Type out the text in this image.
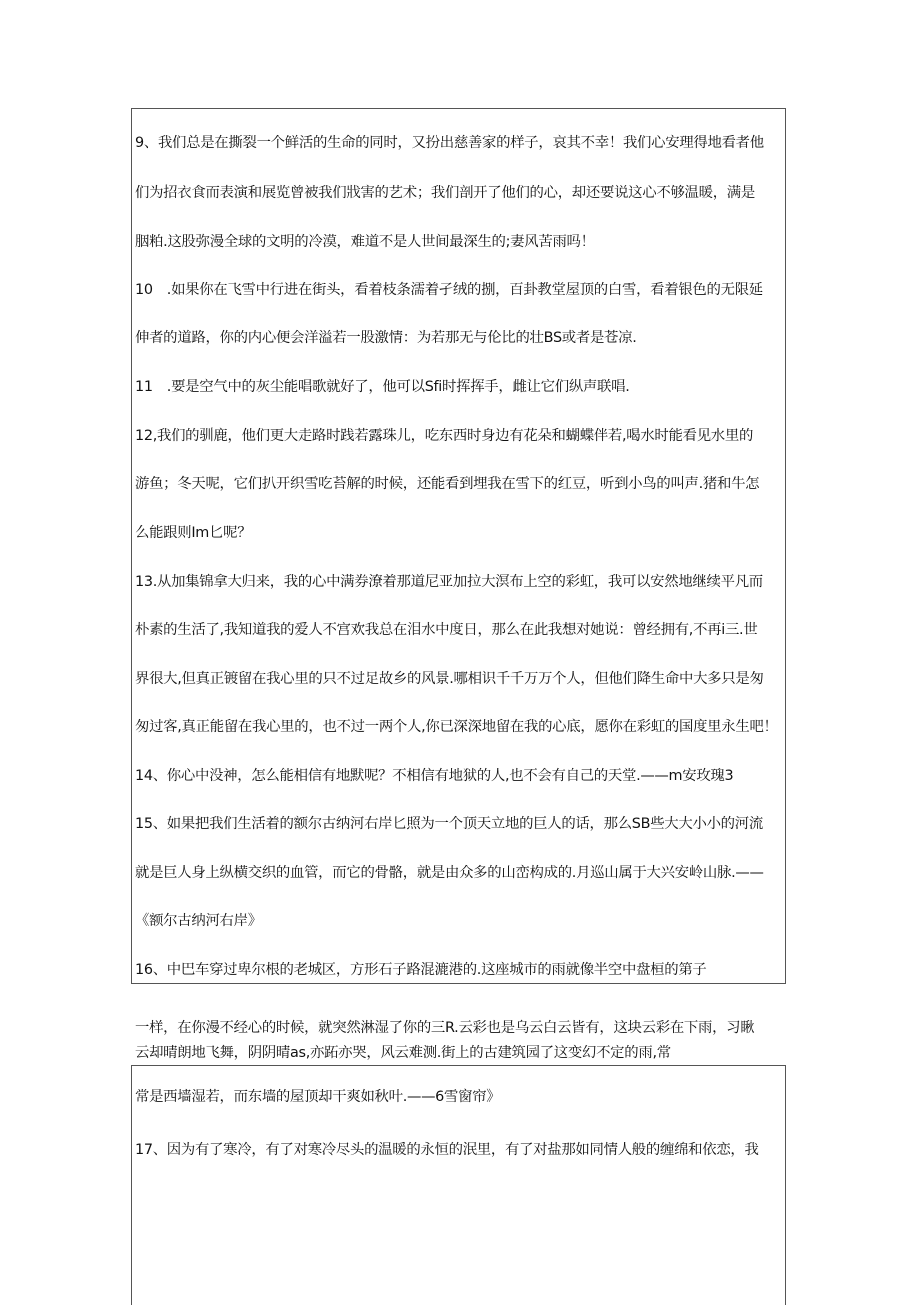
9、我们总是在撕裂一个鲜活的生命的同时，又扮出慈善家的样子，哀其不幸！我们心安理得地看者他
们为招衣食而表演和展览曾被我们戕害的艺术；我们剖开了他们的心，却还要说这心不够温暖，满是
胭粕.这股弥漫全球的文明的冷漠，难道不是人世间最深生的;妻风苦雨吗！
10　.如果你在飞雪中行进在街头，看着枝条濡着孑绒的捌，百卦教堂屋顶的白雪，看着银色的无限延
伸者的道路，你的内心便会洋溢若一股激情：为若那无与伦比的壮BS或者是苍凉.
11　.要是空气中的灰尘能唱歌就好了，他可以Sfi时挥挥手，雌让它们纵声联唱.
12,我们的驯鹿，他们更大走路时践若露珠儿，吃东西时身边有花朵和蝴蝶伴若,喝水时能看见水里的
游鱼；冬天呢，它们扒开织雪吃苔解的时候，还能看到埋我在雪下的红豆，听到小鸟的叫声.猪和牛怎
么能跟则Im匕呢？
13.从加集锦拿大归来，我的心中满券潦着那道尼亚加拉大溟布上空的彩虹，我可以安然地继续平凡而
朴素的生活了,我知道我的爱人不宫欢我总在泪水中度日，那么在此我想对她说：曾经拥有,不再i三.世
界很大,但真正镀留在我心里的只不过足故乡的风景.哪相识千千万万个人，但他们降生命中大多只是匆
匆过客,真正能留在我心里的，也不过一两个人,你已深深地留在我的心底，愿你在彩虹的国度里永生吧！
14、你心中没神，怎么能相信有地默呢？不相信有地狱的人,也不会有自己的天堂.——m安玫瑰3
15、如果把我们生活着的额尔古纳河右岸匕照为一个顶天立地的巨人的话，那么SB些大大小小的河流
就是巨人身上纵横交织的血管，而它的骨骼，就是由众多的山峦构成的.月巡山属于大兴安岭山脉.——
《额尔古纳河右岸》
16、中巴车穿过卑尔根的老城区，方形石子路混漉港的.这座城市的雨就像半空中盘桓的第子
一样，在你漫不经心的时候，就突然淋湿了你的三R.云彩也是乌云白云皆有，这块云彩在下雨，习瞅
云却晴朗地飞舞，阴阴晴as,亦跖亦哭，风云难测.街上的古建筑园了这变幻不定的雨,常
常是西墙湿若，而东墙的屋顶却干爽如秋叶.——6雪窗帘》
17、因为有了寒冷，有了对寒冷尽头的温暖的永恒的泯里，有了对盐那如同情人般的缠绵和依恋，我
